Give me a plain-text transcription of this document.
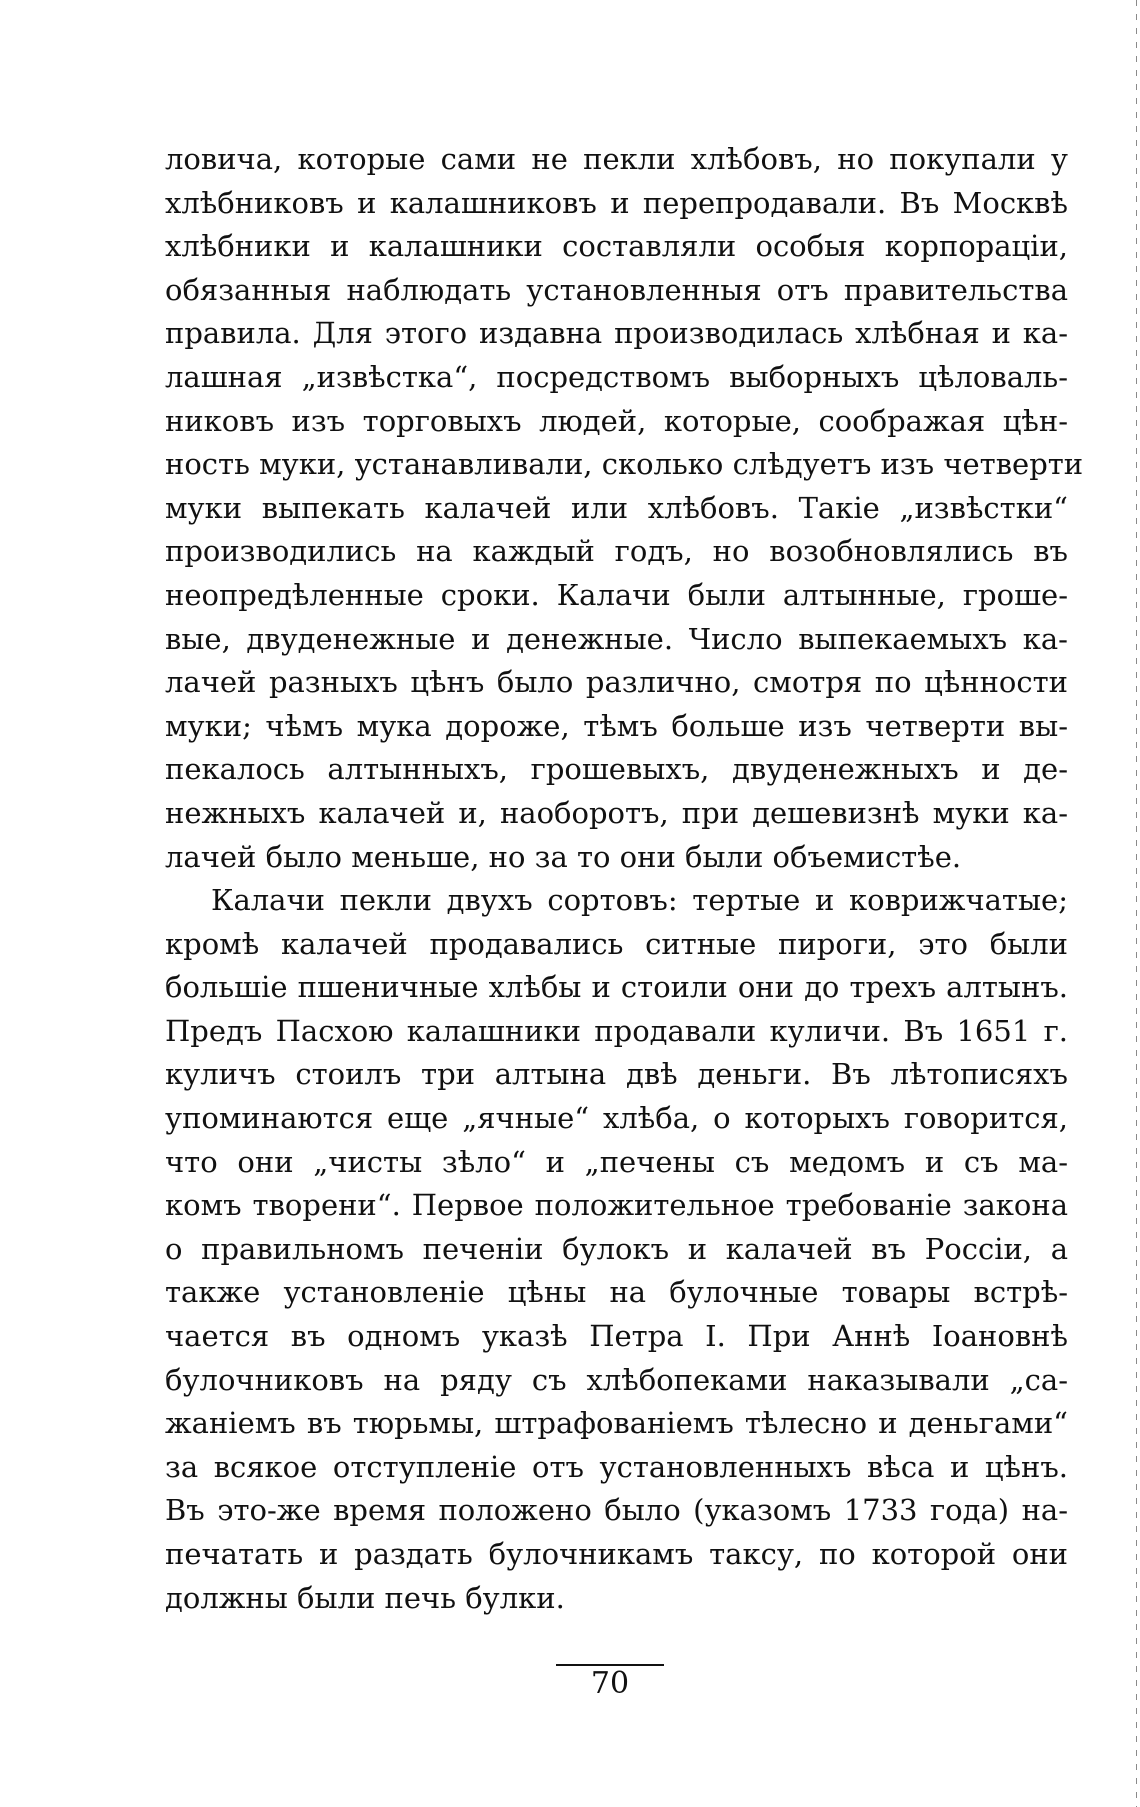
ловича, которые сами не пекли хлѣбовъ, но покупали у
хлѣбниковъ и калашниковъ и перепродавали. Въ Москвѣ
хлѣбники и калашники составляли особыя корпорацiи,
обязанныя наблюдать установленныя отъ правительства
правила. Для этого издавна производилась хлѣбная и ка-
лашная „извѣстка“, посредствомъ выборныхъ цѣловаль-
никовъ изъ торговыхъ людей, которые, соображая цѣн-
ность муки, устанавливали, сколько слѣдуетъ изъ четверти
муки выпекать калачей или хлѣбовъ. Такiе „извѣстки“
производились на каждый годъ, но возобновлялись въ
неопредѣленные сроки. Калачи были алтынные, гроше-
вые, двуденежные и денежные. Число выпекаемыхъ ка-
лачей разныхъ цѣнъ было различно, смотря по цѣнности
муки; чѣмъ мука дороже, тѣмъ больше изъ четверти вы-
пекалось алтынныхъ, грошевыхъ, двуденежныхъ и де-
нежныхъ калачей и, наоборотъ, при дешевизнѣ муки ка-
лачей было меньше, но за то они были объемистѣе.
Калачи пекли двухъ сортовъ: тертые и коврижчатые;
кромѣ калачей продавались ситные пироги, это были
большiе пшеничные хлѣбы и стоили они до трехъ алтынъ.
Предъ Пасхою калашники продавали куличи. Въ 1651 г.
куличъ стоилъ три алтына двѣ деньги. Въ лѣтописяхъ
упоминаются еще „ячные“ хлѣба, о которыхъ говорится,
что они „чисты зѣло“ и „печены съ медомъ и съ ма-
комъ творени“. Первое положительное требованiе закона
о правильномъ печенiи булокъ и калачей въ Россiи, а
также установленiе цѣны на булочные товары встрѣ-
чается въ одномъ указѣ Петра I. При Аннѣ Iоановнѣ
булочниковъ на ряду съ хлѣбопеками наказывали „са-
жанiемъ въ тюрьмы, штрафованiемъ тѣлесно и деньгами“
за всякое отступленiе отъ установленныхъ вѣса и цѣнъ.
Въ это-же время положено было (указомъ 1733 года) на-
печатать и раздать булочникамъ таксу, по которой они
должны были печь булки.
70
